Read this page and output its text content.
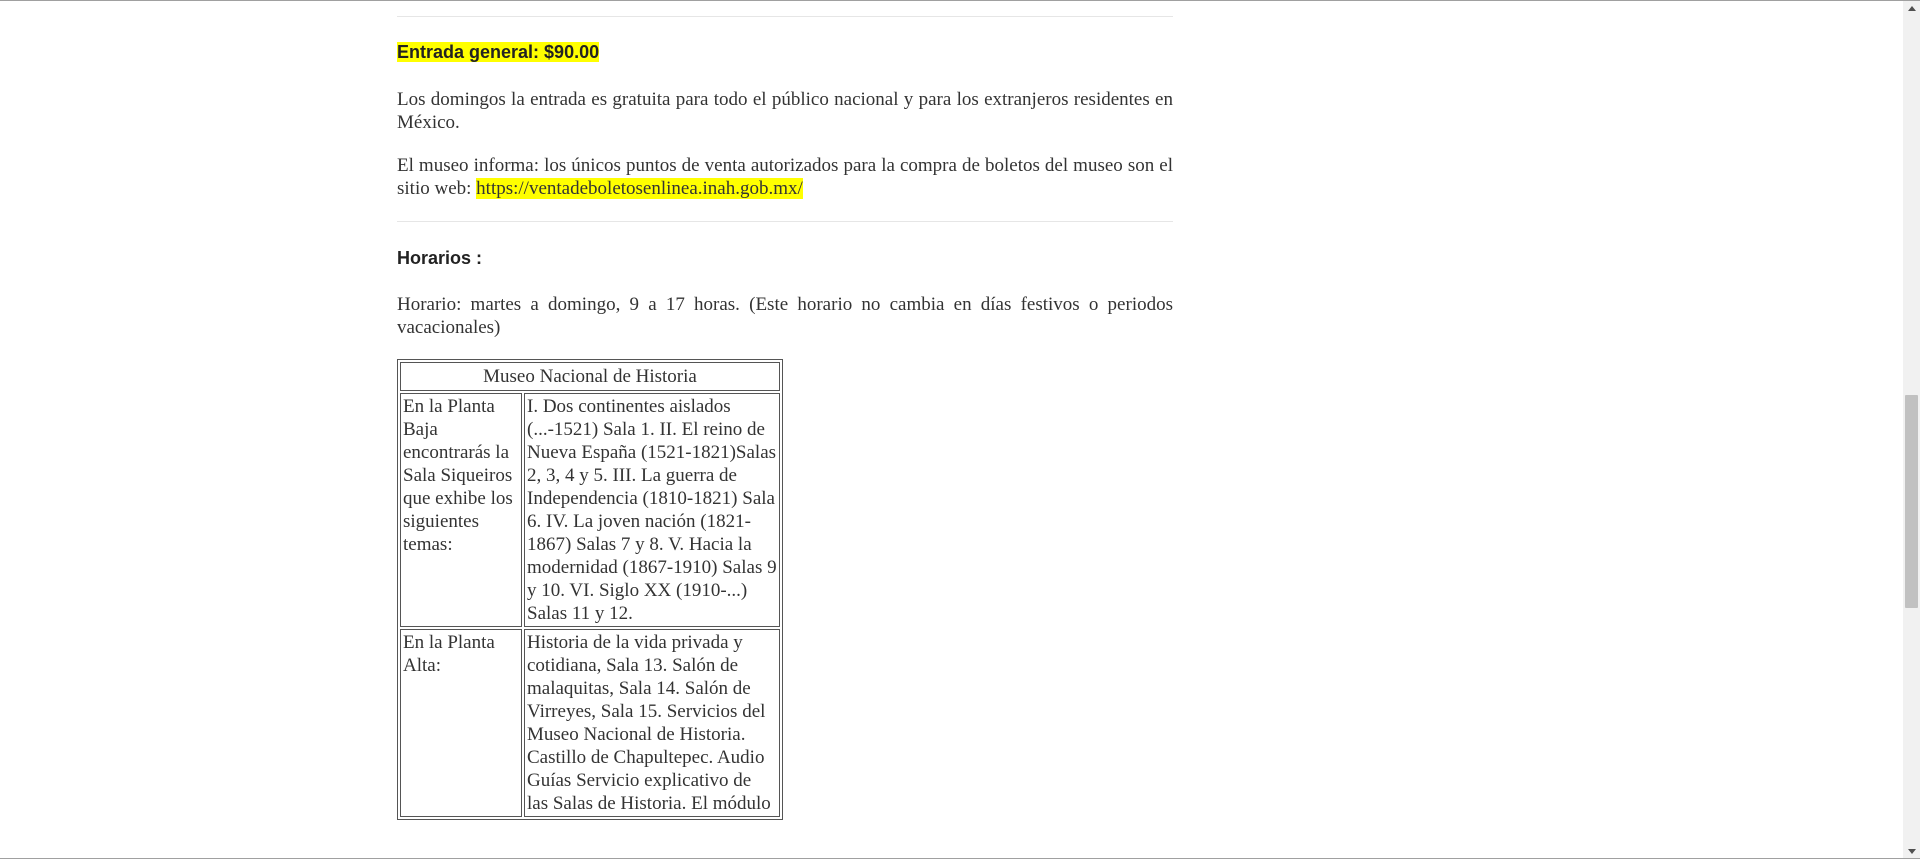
Entrada general: $90.00

Los domingos la entrada es gratuita para todo el público nacional y para los extranjeros residentes en México.

El museo informa: los únicos puntos de venta autorizados para la compra de boletos del museo son el sitio web: https://ventadeboletosenlinea.inah.gob.mx/

Horarios :

Horario: martes a domingo, 9 a 17 horas. (Este horario no cambia en días festivos o periodos vacacionales)

Museo Nacional de Historia	
En la Planta Baja encontrarás la Sala Siqueiros que exhibe los siguientes temas:	I. Dos continentes aislados (...-1521) Sala 1. II. El reino de Nueva España (1521-1821)Salas 2, 3, 4 y 5. III. La guerra de Independencia (1810-1821) Sala 6. IV. La joven nación (1821-1867) Salas 7 y 8. V. Hacia la modernidad (1867-1910) Salas 9 y 10. VI. Siglo XX (1910-...) Salas 11 y 12.
En la Planta Alta:	Historia de la vida privada y cotidiana, Sala 13. Salón de malaquitas, Sala 14. Salón de Virreyes, Sala 15. Servicios del Museo Nacional de Historia. Castillo de Chapultepec. Audio Guías Servicio explicativo de las Salas de Historia. El módulo
